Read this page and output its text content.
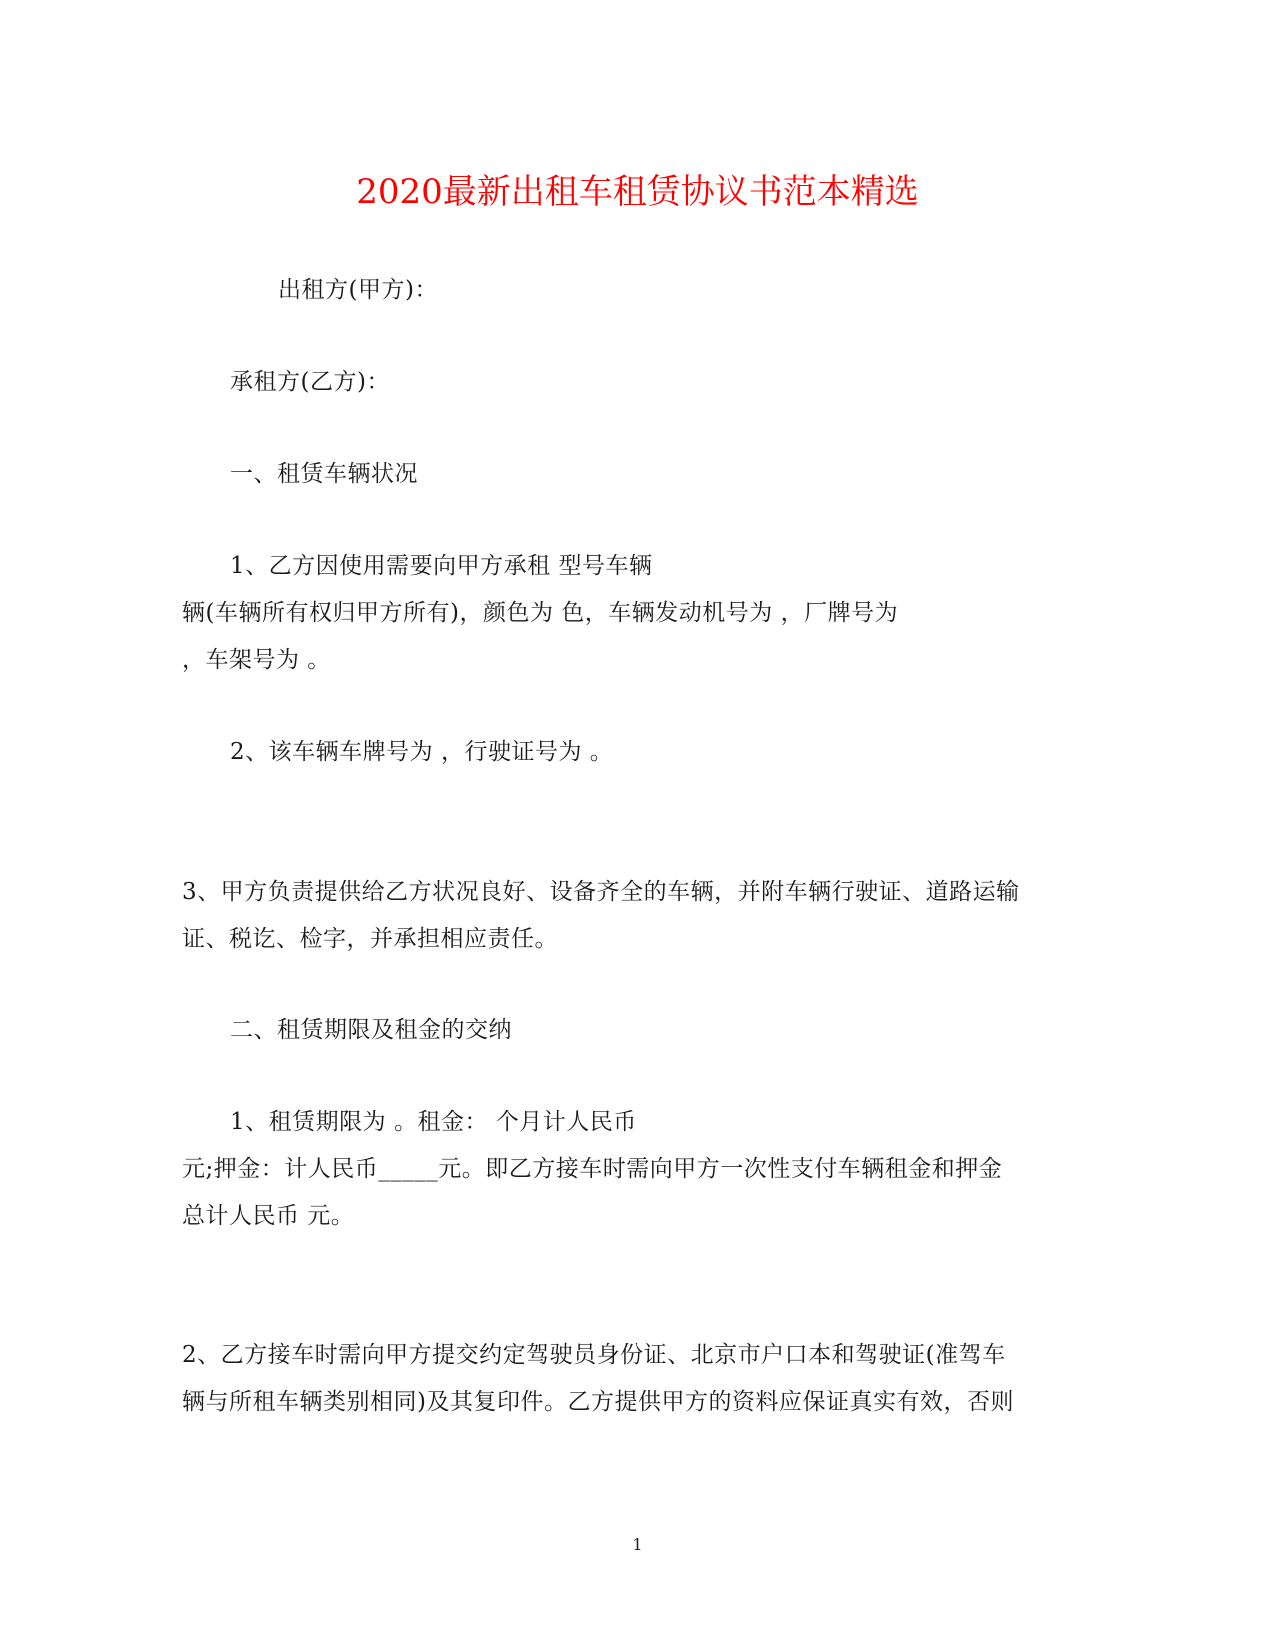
2020最新出租车租赁协议书范本精选
出租方(甲方)：
承租方(乙方)：
一、租赁车辆状况
1、乙方因使用需要向甲方承租 型号车辆
辆(车辆所有权归甲方所有)，颜色为 色，车辆发动机号为 ，厂牌号为
，车架号为 。
2、该车辆车牌号为 ，行驶证号为 。
3、甲方负责提供给乙方状况良好、设备齐全的车辆，并附车辆行驶证、道路运输
证、税讫、检字，并承担相应责任。
二、租赁期限及租金的交纳
1、租赁期限为 。租金： 个月计人民币
元;押金：计人民币_____元。即乙方接车时需向甲方一次性支付车辆租金和押金
总计人民币 元。
2、乙方接车时需向甲方提交约定驾驶员身份证、北京市户口本和驾驶证(准驾车
辆与所租车辆类别相同)及其复印件。乙方提供甲方的资料应保证真实有效，否则
1
